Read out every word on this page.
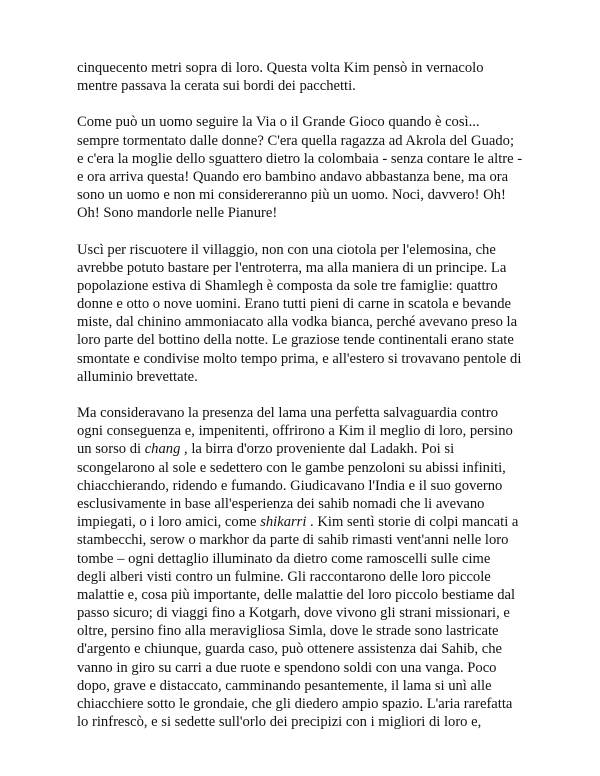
cinquecento metri sopra di loro. Questa volta Kim pensò in vernacolo
mentre passava la cerata sui bordi dei pacchetti.

Come può un uomo seguire la Via o il Grande Gioco quando è così...
sempre tormentato dalle donne? C'era quella ragazza ad Akrola del Guado;
e c'era la moglie dello sguattero dietro la colombaia - senza contare le altre -
e ora arriva questa! Quando ero bambino andavo abbastanza bene, ma ora
sono un uomo e non mi considereranno più un uomo. Noci, davvero! Oh!
Oh! Sono mandorle nelle Pianure!

Uscì per riscuotere il villaggio, non con una ciotola per l'elemosina, che
avrebbe potuto bastare per l'entroterra, ma alla maniera di un principe. La
popolazione estiva di Shamlegh è composta da sole tre famiglie: quattro
donne e otto o nove uomini. Erano tutti pieni di carne in scatola e bevande
miste, dal chinino ammoniacato alla vodka bianca, perché avevano preso la
loro parte del bottino della notte. Le graziose tende continentali erano state
smontate e condivise molto tempo prima, e all'estero si trovavano pentole di
alluminio brevettate.

Ma consideravano la presenza del lama una perfetta salvaguardia contro
ogni conseguenza e, impenitenti, offrirono a Kim il meglio di loro, persino
un sorso di chang , la birra d'orzo proveniente dal Ladakh. Poi si
scongelarono al sole e sedettero con le gambe penzoloni su abissi infiniti,
chiacchierando, ridendo e fumando. Giudicavano l'India e il suo governo
esclusivamente in base all'esperienza dei sahib nomadi che li avevano
impiegati, o i loro amici, come shikarri . Kim sentì storie di colpi mancati a
stambecchi, serow o markhor da parte di sahib rimasti vent'anni nelle loro
tombe – ogni dettaglio illuminato da dietro come ramoscelli sulle cime
degli alberi visti contro un fulmine. Gli raccontarono delle loro piccole
malattie e, cosa più importante, delle malattie del loro piccolo bestiame dal
passo sicuro; di viaggi fino a Kotgarh, dove vivono gli strani missionari, e
oltre, persino fino alla meravigliosa Simla, dove le strade sono lastricate
d'argento e chiunque, guarda caso, può ottenere assistenza dai Sahib, che
vanno in giro su carri a due ruote e spendono soldi con una vanga. Poco
dopo, grave e distaccato, camminando pesantemente, il lama si unì alle
chiacchiere sotto le grondaie, che gli diedero ampio spazio. L'aria rarefatta
lo rinfrescò, e si sedette sull'orlo dei precipizi con i migliori di loro e,
